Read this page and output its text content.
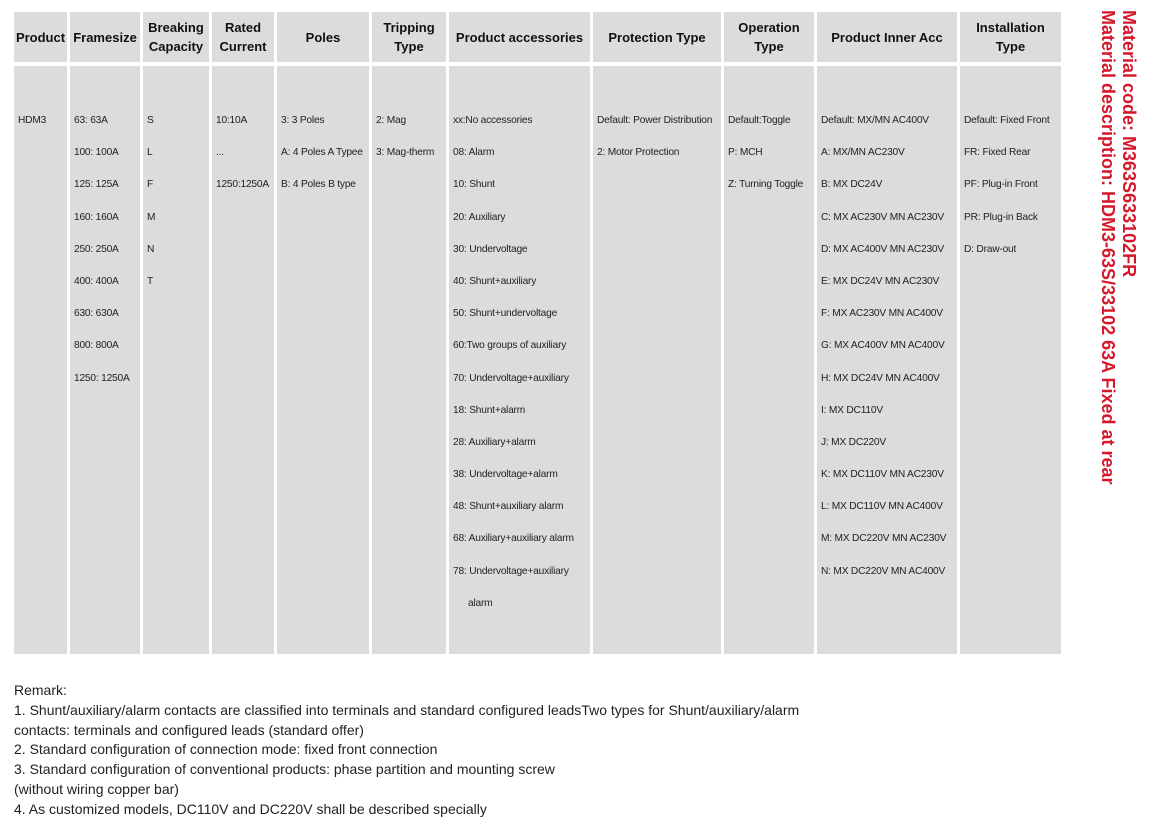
Product
HDM3
Framesize
63: 63A
100: 100A
125: 125A
160: 160A
250: 250A
400: 400A
630: 630A
800: 800A
1250: 1250A
Breaking Capacity
S
L
F
M
N
T
Rated Current
10:10A
...
1250:1250A
Poles
3: 3 Poles
A: 4 Poles A Typee
B: 4 Poles B type
Tripping Type
2: Mag
3: Mag-therm
Product accessories
xx:No accessories
08: Alarm
10: Shunt
20: Auxiliary
30: Undervoltage
40: Shunt+auxiliary
50: Shunt+undervoltage
60:Two groups of auxiliary
70: Undervoltage+auxiliary
18: Shunt+alarm
28: Auxiliary+alarm
38: Undervoltage+alarm
48: Shunt+auxiliary alarm
68: Auxiliary+auxiliary alarm
78: Undervoltage+auxiliary
alarm
Protection Type
Default: Power Distribution
2: Motor Protection
Operation Type
Default:Toggle
P: MCH
Z: Turning Toggle
Product Inner Acc
Default: MX/MN AC400V
A: MX/MN AC230V
B: MX DC24V
C: MX AC230V MN AC230V
D: MX AC400V MN AC230V
E: MX DC24V MN AC230V
F: MX AC230V MN AC400V
G: MX AC400V MN AC400V
H: MX DC24V MN AC400V
I: MX DC110V
J: MX DC220V
K: MX DC110V MN AC230V
L: MX DC110V MN AC400V
M: MX DC220V MN AC230V
N: MX DC220V MN AC400V
Installation Type
Default: Fixed Front
FR: Fixed Rear
PF: Plug-in Front
PR: Plug-in Back
D: Draw-out	Material code: M363S633102FR
Material description: HDM3-63S/33102 63A Fixed at rear
Remark:
1. Shunt/auxiliary/alarm contacts are classified into terminals and standard configured leadsTwo types for Shunt/auxiliary/alarm
contacts: terminals and configured leads (standard offer)
2. Standard configuration of connection mode: fixed front connection
3. Standard configuration of conventional products: phase partition and mounting screw
(without wiring copper bar)
4. As customized models, DC110V and DC220V shall be described specially
